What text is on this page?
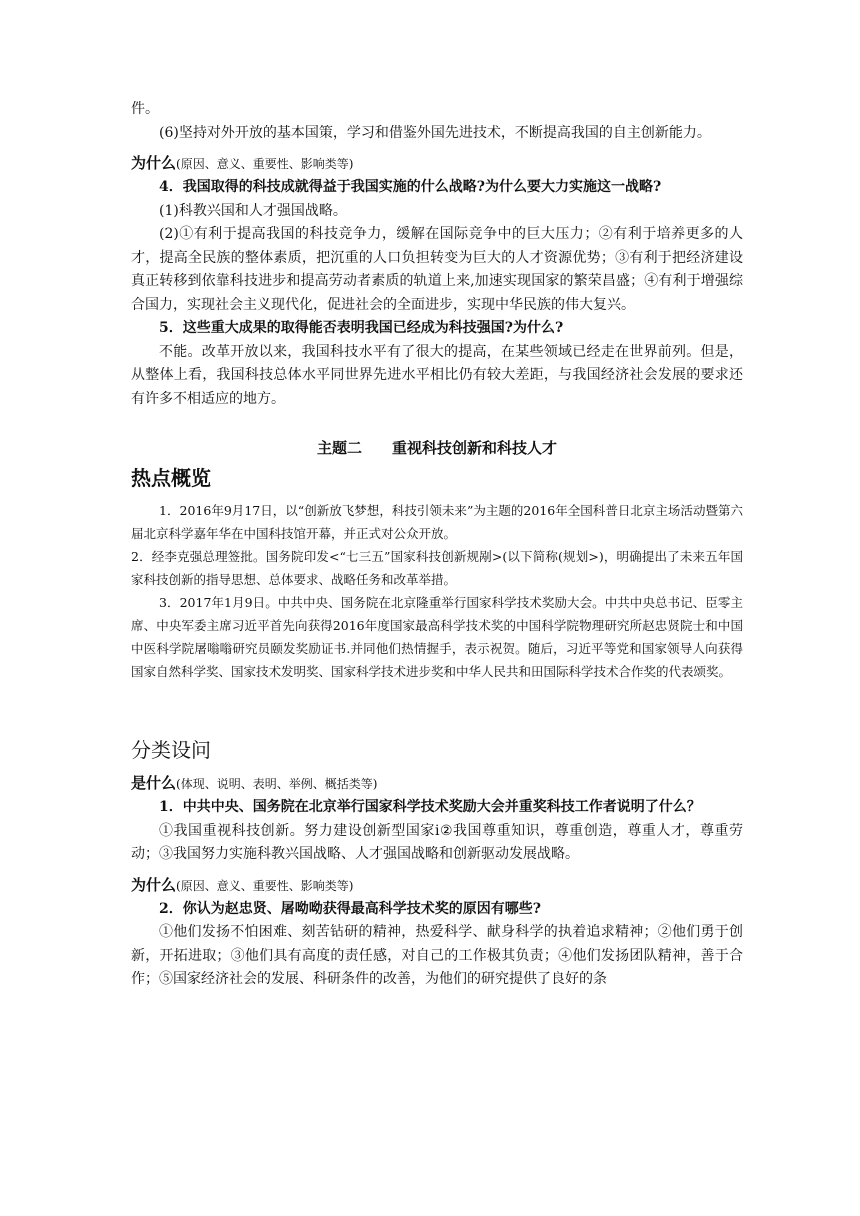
件。

(6)坚持对外开放的基本国策，学习和借鉴外国先进技术，不断提高我国的自主创新能力。

为什么(原因、意义、重要性、影响类等)

4．我国取得的科技成就得益于我国实施的什么战略?为什么要大力实施这一战略?

(1)科教兴国和人才强国战略。

(2)①有利于提高我国的科技竞争力，缓解在国际竞争中的巨大压力；②有利于培养更多的人才，提高全民族的整体素质，把沉重的人口负担转变为巨大的人才资源优势；③有利于把经济建设真正转移到依靠科技进步和提高劳动者素质的轨道上来,加速实现国家的繁荣昌盛；④有利于增强综合国力，实现社会主义现代化，促进社会的全面进步，实现中华民族的伟大复兴。

5．这些重大成果的取得能否表明我国已经成为科技强国?为什么?

不能。改革开放以来，我国科技水平有了很大的提高，在某些领域已经走在世界前列。但是，从整体上看，我国科技总体水平同世界先进水平相比仍有较大差距，与我国经济社会发展的要求还有许多不相适应的地方。

主题二　　重视科技创新和科技人才
热点概览

1．2016年9月17日，以“创新放飞梦想，科技引领未来”为主题的2016年全国科普日北京主场活动暨第六届北京科学嘉年华在中国科技馆开幕，并正式对公众开放。

2．经李克强总理签批。国务院印发<“七三五”国家科技创新规剐>(以下简称(规划>)，明确提出了未来五年国家科技创新的指导思想、总体要求、战略任务和改革举措。

3．2017年1月9日。中共中央、国务院在北京隆重举行国家科学技术奖励大会。中共中央总书记、臣零主席、中央军委主席习近平首先向获得2016年度国家最高科学技术奖的中国科学院物理研究所赵忠贤院士和中国中医科学院屠嗡嗡研究员颐发奖励证书.并同他们热情握手，表示祝贺。随后，习近平等党和国家领导人向获得国家自然科学奖、国家技术发明奖、国家科学技术进步奖和中华人民共和田国际科学技术合作奖的代表颂奖。

分类设问
是什么(体现、说明、表明、举例、概括类等)

1．中共中央、国务院在北京举行国家科学技术奖励大会并重奖科技工作者说明了什么？

①我国重视科技创新。努力建设创新型国家i②我国尊重知识，尊重创造，尊重人才，尊重劳动；③我国努力实施科教兴国战略、人才强国战略和创新驱动发展战略。

为什么(原因、意义、重要性、影响类等)

2．你认为赵忠贤、屠呦呦获得最高科学技术奖的原因有哪些?

①他们发扬不怕困难、刻苦钻研的精神，热爱科学、献身科学的执着追求精神；②他们勇于创新，开拓进取；③他们具有高度的责任感，对自己的工作极其负责；④他们发扬团队精神，善于合作；⑤国家经济社会的发展、科研条件的改善，为他们的研究提供了良好的条
